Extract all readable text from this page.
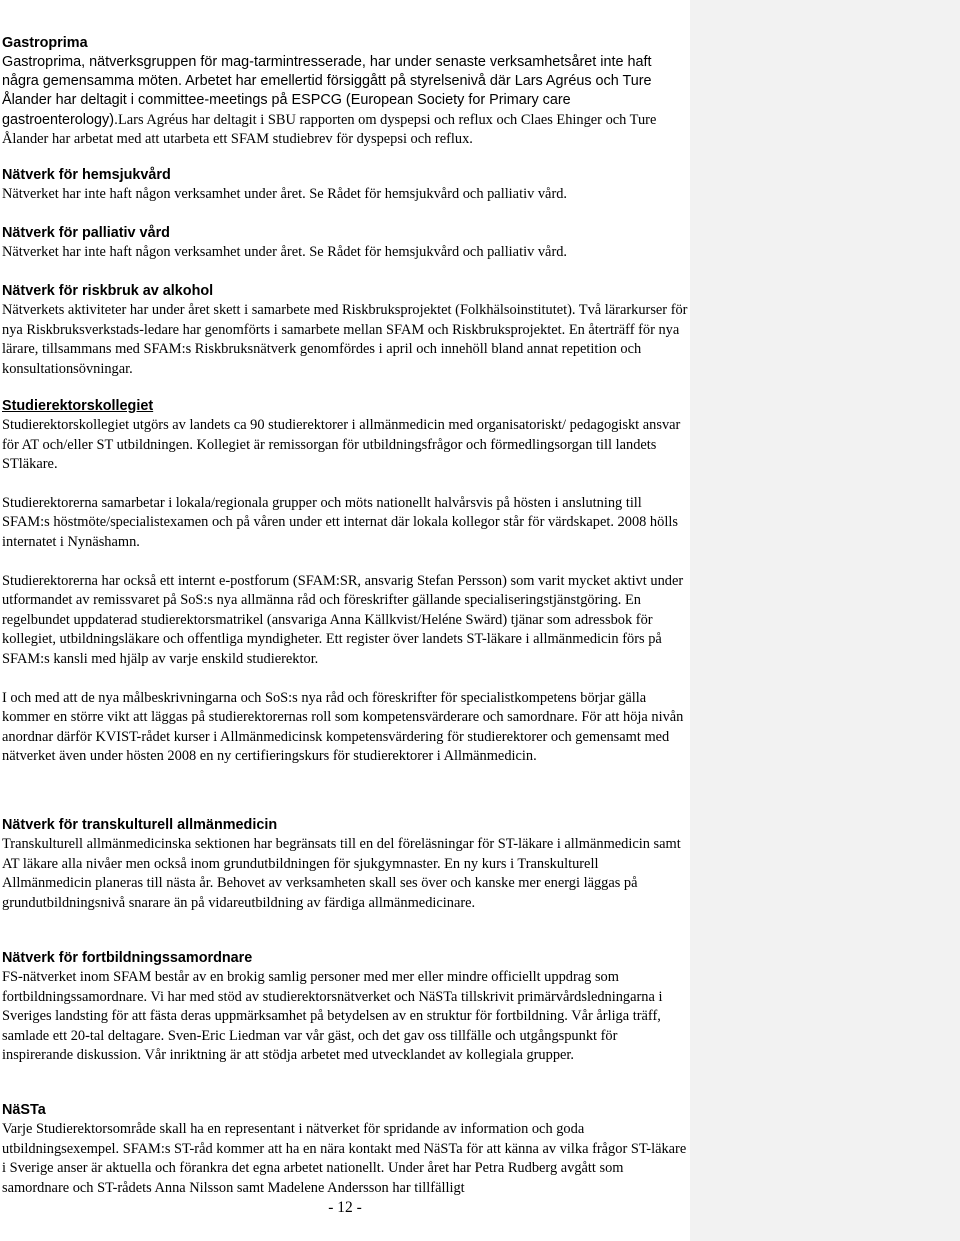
Gastroprima

Gastroprima, nätverksgruppen för mag-tarmintresserade, har under senaste verksamhetsåret inte haft några gemensamma möten. Arbetet har emellertid försiggått på styrelsenivå där Lars Agréus och Ture Ålander har deltagit i committee-meetings på ESPCG (European Society for Primary care gastroenterology).Lars Agréus har deltagit i SBU rapporten om dyspepsi och reflux och Claes Ehinger och Ture Ålander har arbetat med att utarbeta ett SFAM studiebrev för dyspepsi och reflux.

Nätverk för hemsjukvård

Nätverket har inte haft någon verksamhet under året. Se Rådet för hemsjukvård och palliativ vård.

Nätverk för palliativ vård

Nätverket har inte haft någon verksamhet under året. Se Rådet för hemsjukvård och palliativ vård.

Nätverk för riskbruk av alkohol

Nätverkets aktiviteter har under året skett i samarbete med Riskbruksprojektet (Folkhälsoinstitutet). Två lärarkurser för nya Riskbruksverkstads-ledare har genomförts i samarbete mellan SFAM och Riskbruksprojektet. En återträff för nya lärare, tillsammans med SFAM:s Riskbruksnätverk genomfördes i april och innehöll bland annat repetition och konsultationsövningar.

Studierektorskollegiet

Studierektorskollegiet utgörs av landets ca 90 studierektorer i allmänmedicin med organisatoriskt/ pedagogiskt ansvar för AT och/eller ST utbildningen. Kollegiet är remissorgan för utbildningsfrågor och förmedlingsorgan till landets STläkare.

Studierektorerna samarbetar i lokala/regionala grupper och möts nationellt halvårsvis på hösten i anslutning till SFAM:s höstmöte/specialistexamen och på våren under ett internat där lokala kollegor står för värdskapet. 2008 hölls internatet i Nynäshamn.

Studierektorerna har också ett internt e-postforum (SFAM:SR, ansvarig Stefan Persson) som varit mycket aktivt under utformandet av remissvaret på SoS:s nya allmänna råd och föreskrifter gällande specialiseringstjänstgöring. En regelbundet uppdaterad studierektorsmatrikel (ansvariga Anna Källkvist/Heléne Swärd) tjänar som adressbok för kollegiet, utbildningsläkare och offentliga myndigheter. Ett register över landets ST-läkare i allmänmedicin förs på SFAM:s kansli med hjälp av varje enskild studierektor.

I och med att de nya målbeskrivningarna och SoS:s nya råd och föreskrifter för specialistkompetens börjar gälla kommer en större vikt att läggas på studierektorernas roll som kompetensvärderare och samordnare. För att höja nivån anordnar därför KVIST-rådet kurser i Allmänmedicinsk kompetensvärdering för studierektorer och gemensamt med nätverket även under hösten 2008 en ny certifieringskurs för studierektorer i Allmänmedicin.

Nätverk för transkulturell allmänmedicin

Transkulturell allmänmedicinska sektionen har begränsats till en del föreläsningar för ST-läkare i allmänmedicin samt AT läkare alla nivåer men också inom grundutbildningen för sjukgymnaster. En ny kurs i Transkulturell Allmänmedicin planeras till nästa år. Behovet av verksamheten skall ses över och kanske mer energi läggas på grundutbildningsnivå snarare än på vidareutbildning av färdiga allmänmedicinare.

Nätverk för fortbildningssamordnare

FS-nätverket inom SFAM består av en brokig samlig personer med mer eller mindre officiellt uppdrag som fortbildningssamordnare. Vi har med stöd av studierektorsnätverket och NäSTa tillskrivit primärvårdsledningarna i Sveriges landsting för att fästa deras uppmärksamhet på betydelsen av en struktur för fortbildning. Vår årliga träff, samlade ett 20-tal deltagare. Sven-Eric Liedman var vår gäst, och det gav oss tillfälle och utgångspunkt för inspirerande diskussion. Vår inriktning är att stödja arbetet med utvecklandet av kollegiala grupper.

NäSTa

Varje Studierektorsområde skall ha en representant i nätverket för spridande av information och goda utbildningsexempel. SFAM:s ST-råd kommer att ha en nära kontakt med NäSTa för att känna av vilka frågor ST-läkare i Sverige anser är aktuella och förankra det egna arbetet nationellt. Under året har Petra Rudberg avgått som samordnare och ST-rådets Anna Nilsson samt Madelene Andersson har tillfälligt

- 12 -
